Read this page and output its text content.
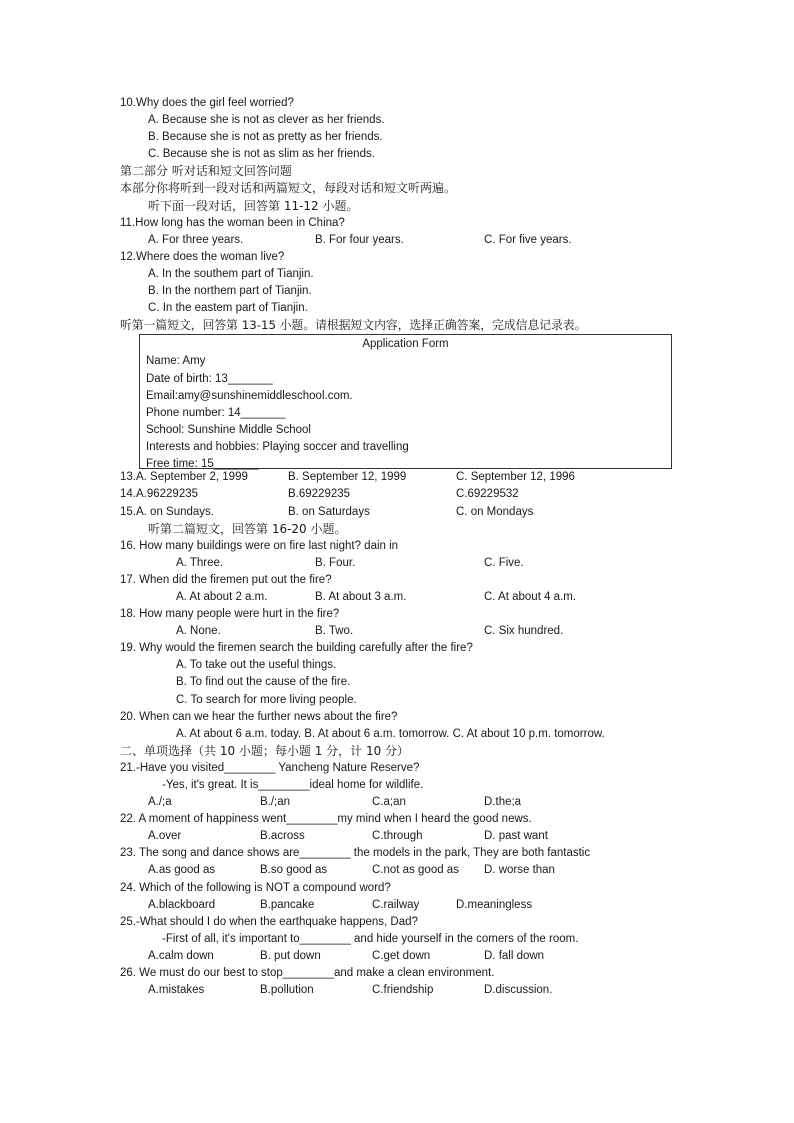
10.Why does the girl feel worried?
A. Because she is not as clever as her friends.
B. Because she is not as pretty as her friends.
C. Because she is not as slim as her friends.
第二部分 听对话和短文回答问题
本部分你将听到一段对话和两篇短文，每段对话和短文听两遍。
听下面一段对话，回答第 11-12 小题。
11.How long has the woman been in China?
A. For three years.	B. For four years.	C. For five years.
12.Where does the woman live?
A. In the southem part of Tianjin.
B. In the northem part of Tianjin.
C. In the eastem part of Tianjin.
听第一篇短文，回答第 13-15 小题。请根据短文内容，选择正确答案，完成信息记录表。
Application Form
Name: Amy
Date of birth: 13_______
Email:amy@sunshinemiddleschool.com.
Phone number: 14_______
School: Sunshine Middle School
Interests and hobbies: Playing soccer and travelling
Free time: 15_______
13.A. September 2, 1999	B. September 12, 1999	C. September 12, 1996
14.A.96229235	B.69229235	C.69229532
15.A. on Sundays.	B. on Saturdays	C. on Mondays
听第二篇短文，回答第 16-20 小题。
16. How many buildings were on fire last night? dain in
A. Three.	B. Four.	C. Five.
17. When did the firemen put out the fire?
A. At about 2 a.m.	B. At about 3 a.m.	C. At about 4 a.m.
18. How many people were hurt in the fire?
A. None.	B. Two.	C. Six hundred.
19. Why would the firemen search the building carefully after the fire?
A. To take out the useful things.
B. To find out the cause of the fire.
C. To search for more living people.
20. When can we hear the further news about the fire?
A. At about 6 a.m. today. B. At about 6 a.m. tomorrow. C. At about 10 p.m. tomorrow.
二、单项选择（共 10 小题；每小题 1 分，计 10 分）
21.-Have you visited________ Yancheng Nature Reserve?
-Yes, it's great. It is________ideal home for wildlife.
A./;a	B./;an	C.a;an	D.the;a
22. A moment of happiness went________my mind when I heard the good news.
A.over	B.across	C.through	D. past want
23. The song and dance shows are________ the models in the park, They are both fantastic
A.as good as	B.so good as	C.not as good as D. worse than
24. Which of the following is NOT a compound word?
A.blackboard	B.pancake	C.railway	D.meaningless
25.-What should I do when the earthquake happens, Dad?
-First of all, it's important to________ and hide yourself in the comers of the room.
A.calm down	B. put down	C.get down	D. fall down
26. We must do our best to stop________and make a clean environment.
A.mistakes	B.pollution	C.friendship	D.discussion.
